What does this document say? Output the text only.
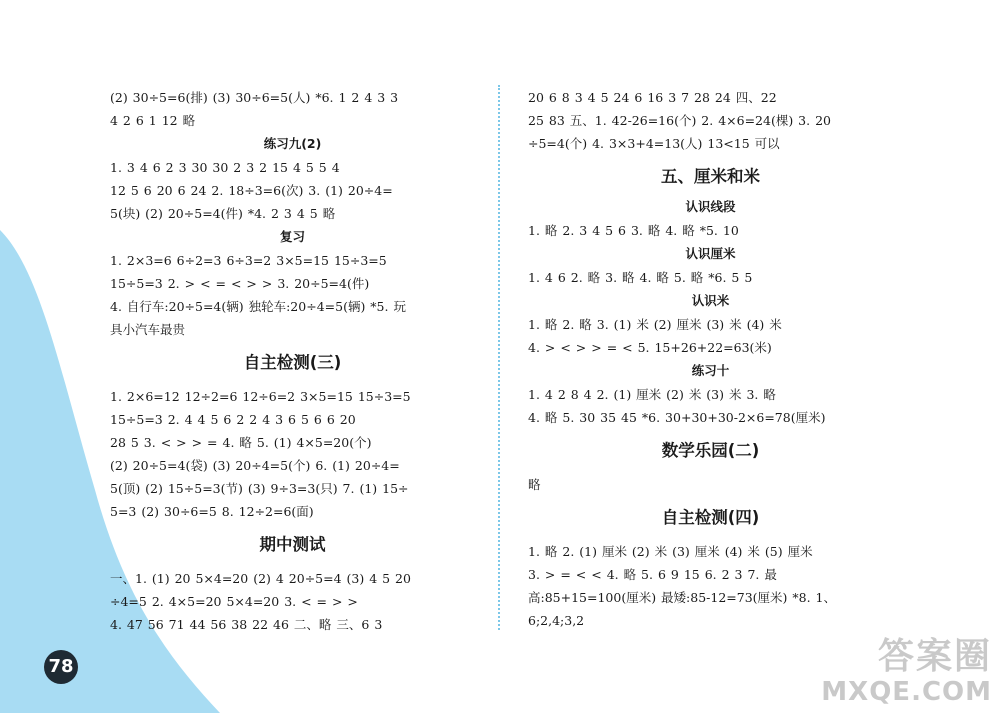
(2) 30÷5=6(排) (3) 30÷6=5(人) *6. 1 2 4 3 3
4 2 6 1 12 略
练习九(2)
1. 3 4 6 2 3 30 30 2 3 2 15 4 5 5 4
12 5 6 20 6 24 2. 18÷3=6(次) 3. (1) 20÷4=
5(块) (2) 20÷5=4(件) *4. 2 3 4 5 略
复习
1. 2×3=6 6÷2=3 6÷3=2 3×5=15 15÷3=5
15÷5=3 2. > < = < > > 3. 20÷5=4(件)
4. 自行车:20÷5=4(辆) 独轮车:20÷4=5(辆) *5. 玩
具小汽车最贵
自主检测(三)
1. 2×6=12 12÷2=6 12÷6=2 3×5=15 15÷3=5
15÷5=3 2. 4 4 5 6 2 2 4 3 6 5 6 6 20
28 5 3. < > > = 4. 略 5. (1) 4×5=20(个)
(2) 20÷5=4(袋) (3) 20÷4=5(个) 6. (1) 20÷4=
5(顶) (2) 15÷5=3(节) (3) 9÷3=3(只) 7. (1) 15÷
5=3 (2) 30÷6=5 8. 12÷2=6(面)
期中测试
一、1. (1) 20 5×4=20 (2) 4 20÷5=4 (3) 4 5 20
÷4=5 2. 4×5=20 5×4=20 3. < = > >
4. 47 56 71 44 56 38 22 46 二、略 三、6 3
20 6 8 3 4 5 24 6 16 3 7 28 24 四、22
25 83 五、1. 42-26=16(个) 2. 4×6=24(棵) 3. 20
÷5=4(个) 4. 3×3+4=13(人) 13<15 可以
五、厘米和米
认识线段
1. 略 2. 3 4 5 6 3. 略 4. 略 *5. 10
认识厘米
1. 4 6 2. 略 3. 略 4. 略 5. 略 *6. 5 5
认识米
1. 略 2. 略 3. (1) 米 (2) 厘米 (3) 米 (4) 米
4. > < > > = < 5. 15+26+22=63(米)
练习十
1. 4 2 8 4 2. (1) 厘米 (2) 米 (3) 米 3. 略
4. 略 5. 30 35 45 *6. 30+30+30-2×6=78(厘米)
数学乐园(二)
略
自主检测(四)
1. 略 2. (1) 厘米 (2) 米 (3) 厘米 (4) 米 (5) 厘米
3. > = < < 4. 略 5. 6 9 15 6. 2 3 7. 最
高:85+15=100(厘米) 最矮:85-12=73(厘米) *8. 1、
6;2,4;3,2
78	答案圈
MXQE.COM
